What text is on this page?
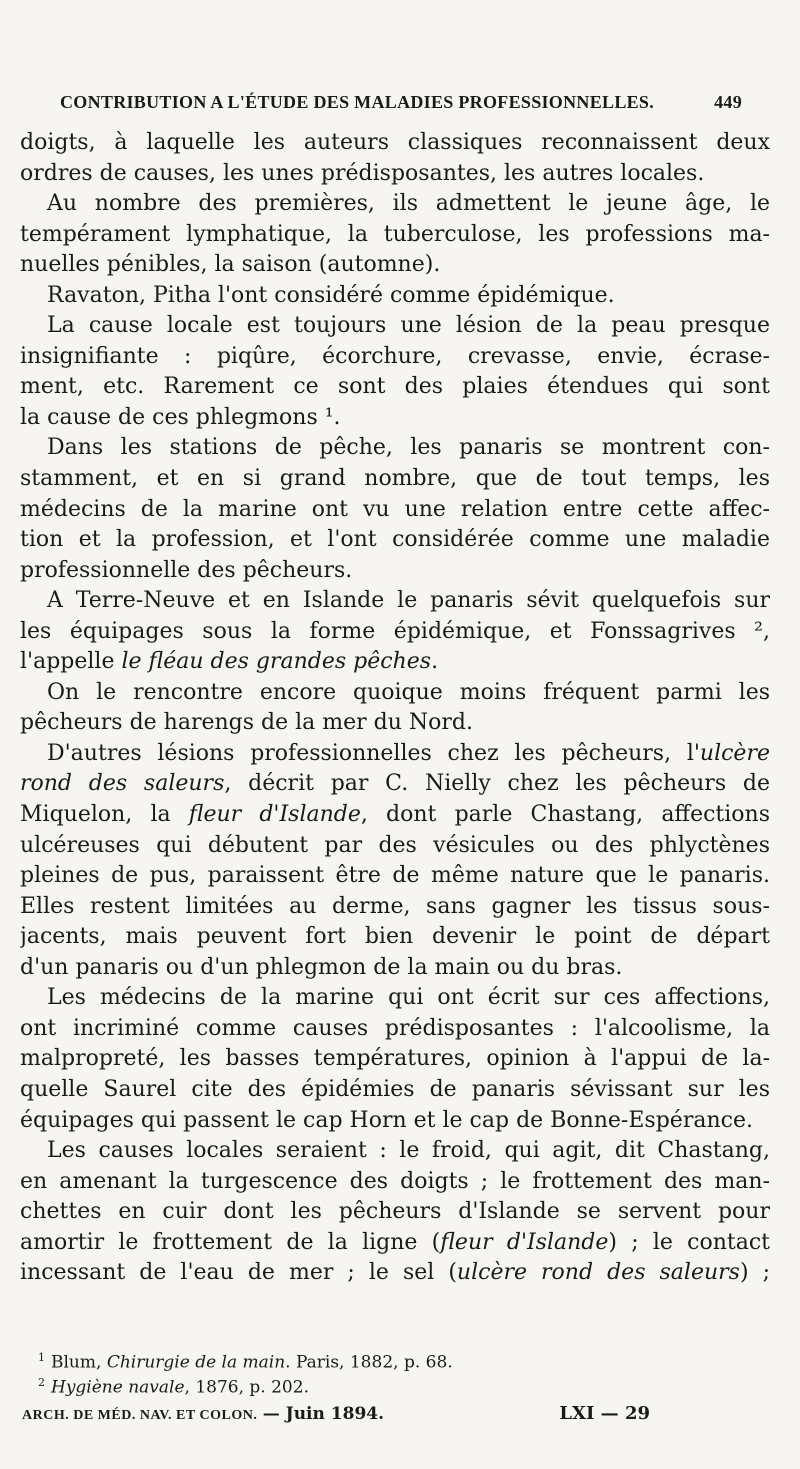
CONTRIBUTION A L'ÉTUDE DES MALADIES PROFESSIONNELLES.	449
doigts, à laquelle les auteurs classiques reconnaissent deux
ordres de causes, les unes prédisposantes, les autres locales.
Au nombre des premières, ils admettent le jeune âge, le
tempérament lymphatique, la tuberculose, les professions ma-
nuelles pénibles, la saison (automne).
Ravaton, Pitha l'ont considéré comme épidémique.
La cause locale est toujours une lésion de la peau presque
insignifiante : piqûre, écorchure, crevasse, envie, écrase-
ment, etc. Rarement ce sont des plaies étendues qui sont
la cause de ces phlegmons ¹.
Dans les stations de pêche, les panaris se montrent con-
stamment, et en si grand nombre, que de tout temps, les
médecins de la marine ont vu une relation entre cette affec-
tion et la profession, et l'ont considérée comme une maladie
professionnelle des pêcheurs.
A Terre-Neuve et en Islande le panaris sévit quelquefois sur
les équipages sous la forme épidémique, et Fonssagrives ²,
l'appelle le fléau des grandes pêches.
On le rencontre encore quoique moins fréquent parmi les
pêcheurs de harengs de la mer du Nord.
D'autres lésions professionnelles chez les pêcheurs, l'ulcère
rond des saleurs, décrit par C. Nielly chez les pêcheurs de
Miquelon, la fleur d'Islande, dont parle Chastang, affections
ulcéreuses qui débutent par des vésicules ou des phlyctènes
pleines de pus, paraissent être de même nature que le panaris.
Elles restent limitées au derme, sans gagner les tissus sous-
jacents, mais peuvent fort bien devenir le point de départ
d'un panaris ou d'un phlegmon de la main ou du bras.
Les médecins de la marine qui ont écrit sur ces affections,
ont incriminé comme causes prédisposantes : l'alcoolisme, la
malpropreté, les basses températures, opinion à l'appui de la-
quelle Saurel cite des épidémies de panaris sévissant sur les
équipages qui passent le cap Horn et le cap de Bonne-Espérance.
Les causes locales seraient : le froid, qui agit, dit Chastang,
en amenant la turgescence des doigts ; le frottement des man-
chettes en cuir dont les pêcheurs d'Islande se servent pour
amortir le frottement de la ligne (fleur d'Islande) ; le contact
incessant de l'eau de mer ; le sel (ulcère rond des saleurs) ;
$^1$ Blum, Chirurgie de la main. Paris, 1882, p. 68.
$^2$ Hygiène navale, 1876, p. 202.
ARCH. DE MÉD. NAV. ET COLON. — Juin 1894.	LXI — 29
